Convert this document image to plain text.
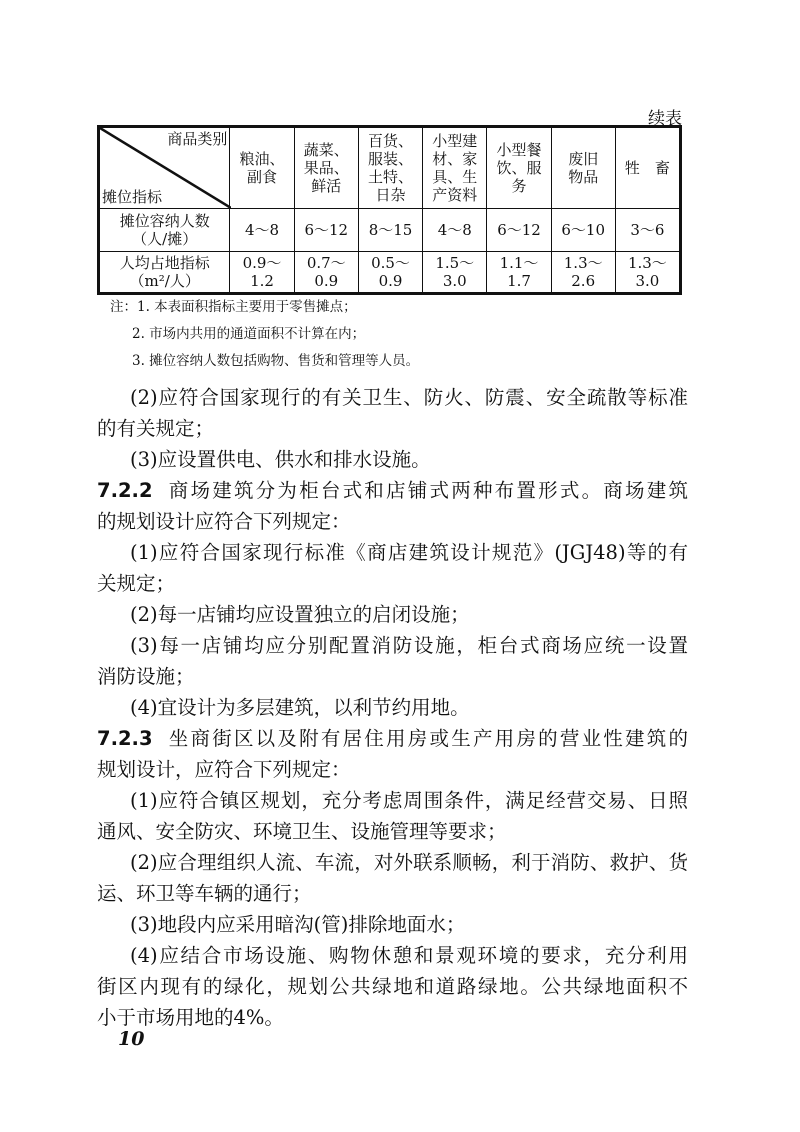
续表
商品类别
摊位指标	粮油、副食	蔬菜、果品、鲜活	百货、服装、土特、日杂	小型建材、家具、生产资料	小型餐饮、服务	废旧物品	牲　畜
摊位容纳人数（人/摊）	4～8	6～12	8～15	4～8	6～12	6～10	3～6
人均占地指标（m²/人）	0.9～1.2	0.7～0.9	0.5～0.9	1.5～3.0	1.1～1.7	1.3～2.6	1.3～3.0
注：1. 本表面积指标主要用于零售摊点；
2. 市场内共用的通道面积不计算在内；
3. 摊位容纳人数包括购物、售货和管理等人员。
(2)应符合国家现行的有关卫生、防火、防震、安全疏散等标准
的有关规定；
(3)应设置供电、供水和排水设施。
7.2.2 商场建筑分为柜台式和店铺式两种布置形式。商场建筑
的规划设计应符合下列规定：
(1)应符合国家现行标准《商店建筑设计规范》(JGJ48)等的有
关规定；
(2)每一店铺均应设置独立的启闭设施；
(3)每一店铺均应分别配置消防设施，柜台式商场应统一设置
消防设施；
(4)宜设计为多层建筑，以利节约用地。
7.2.3 坐商街区以及附有居住用房或生产用房的营业性建筑的
规划设计，应符合下列规定：
(1)应符合镇区规划，充分考虑周围条件，满足经营交易、日照
通风、安全防灾、环境卫生、设施管理等要求；
(2)应合理组织人流、车流，对外联系顺畅，利于消防、救护、货
运、环卫等车辆的通行；
(3)地段内应采用暗沟(管)排除地面水；
(4)应结合市场设施、购物休憩和景观环境的要求，充分利用
街区内现有的绿化，规划公共绿地和道路绿地。公共绿地面积不
小于市场用地的4%。
10
